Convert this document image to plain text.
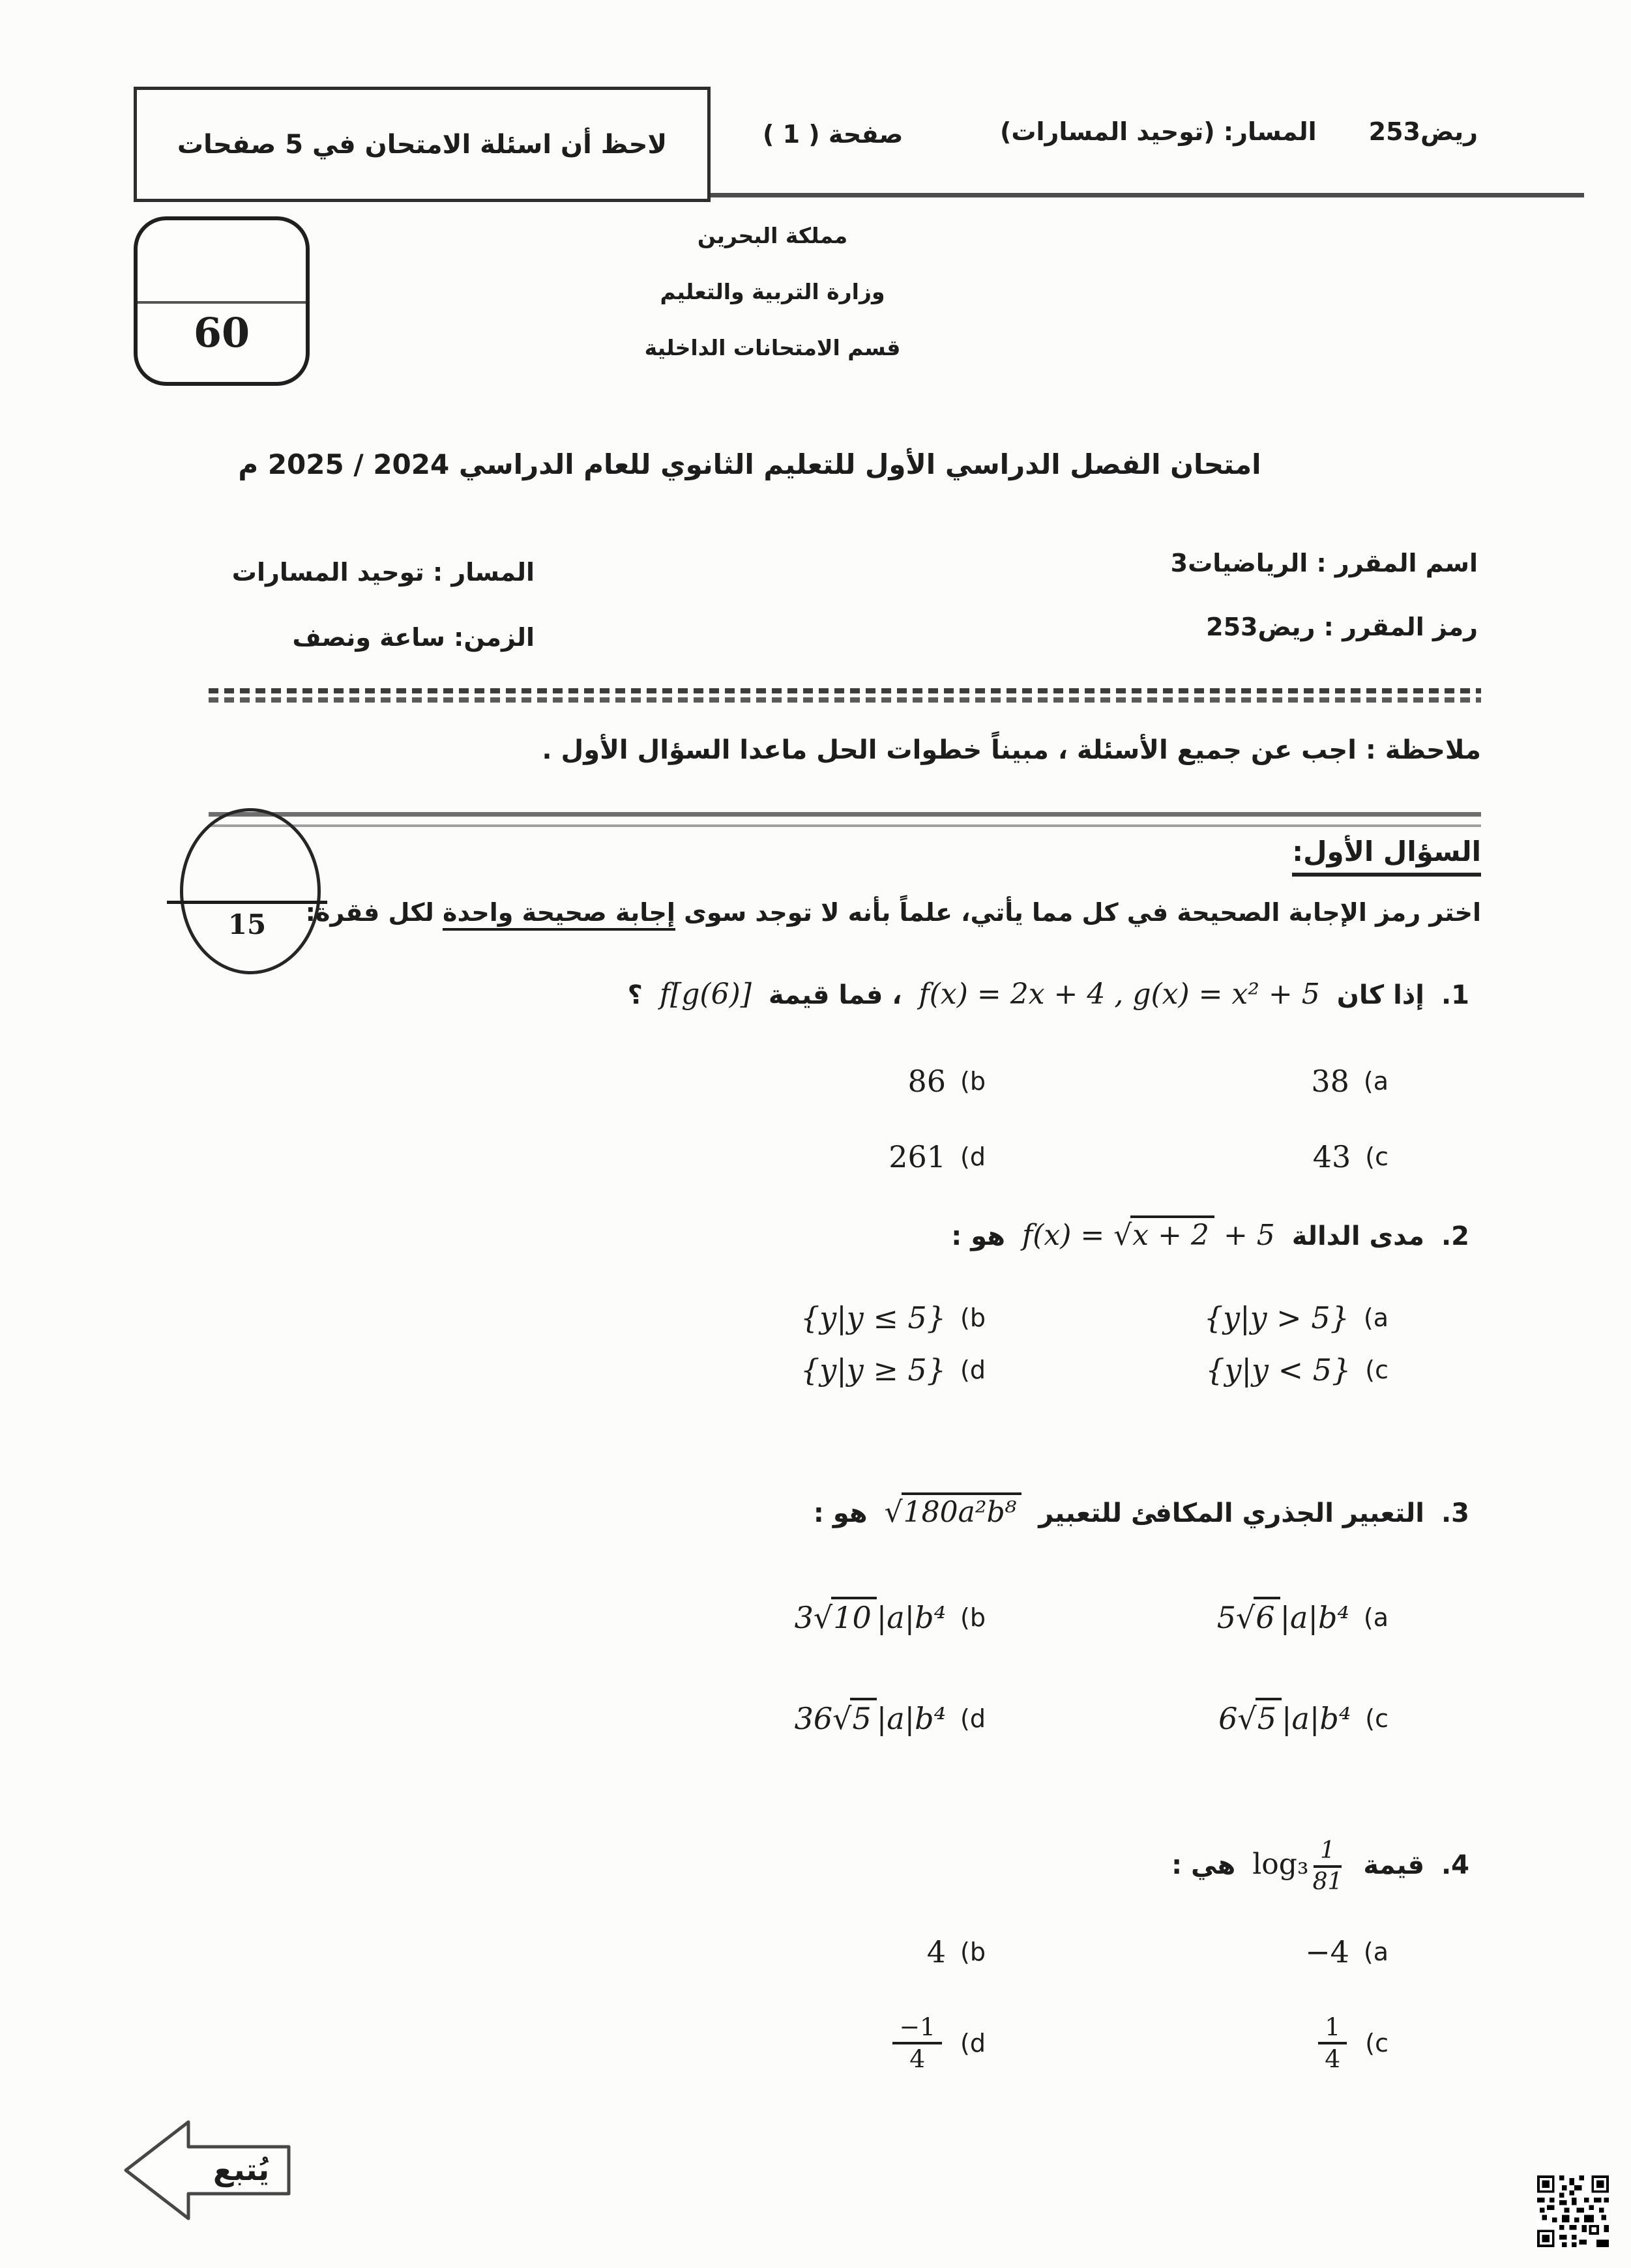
لاحظ أن اسئلة الامتحان في 5 صفحات	صفحة ( 1 )	ريض253
المسار: (توحيد المسارات)
60
مملكة البحرين
وزارة التربية والتعليم
قسم الامتحانات الداخلية
امتحان الفصل الدراسي الأول للتعليم الثانوي للعام الدراسي 2024 / 2025 م
اسم المقرر : الرياضيات3
رمز المقرر : ريض253
المسار : توحيد المسارات
الزمن: ساعة ونصف
ملاحظة : اجب عن جميع الأسئلة ، مبيناً خطوات الحل ماعدا السؤال الأول .
السؤال الأول:
15	اختر رمز الإجابة الصحيحة في كل مما يأتي، علماً بأنه لا توجد سوى إجابة صحيحة واحدة لكل فقرة:
1. إذا كان f(x) = 2x + 4 , g(x) = x² + 5 ، فما قيمة f[g(6)] ؟
38 (a
86 (b
43 (c
261 (d
2. مدى الدالة f(x) = √x + 2 + 5 هو :
{y|y > 5} (a
{y|y ≤ 5} (b
{y|y < 5} (c
{y|y ≥ 5} (d
3. التعبير الجذري المكافئ للتعبير √180a²b⁸ هو :
5√6 |a|b⁴ (a
3√10 |a|b⁴ (b
6√5 |a|b⁴ (c
36√5 |a|b⁴ (d
4. قيمة $\log_3 \frac{1}{81}$
هي :
−4 (a
4 (b
$\frac{1}{4} (c$
$\frac{-1}{4} (d$
يُتبع
